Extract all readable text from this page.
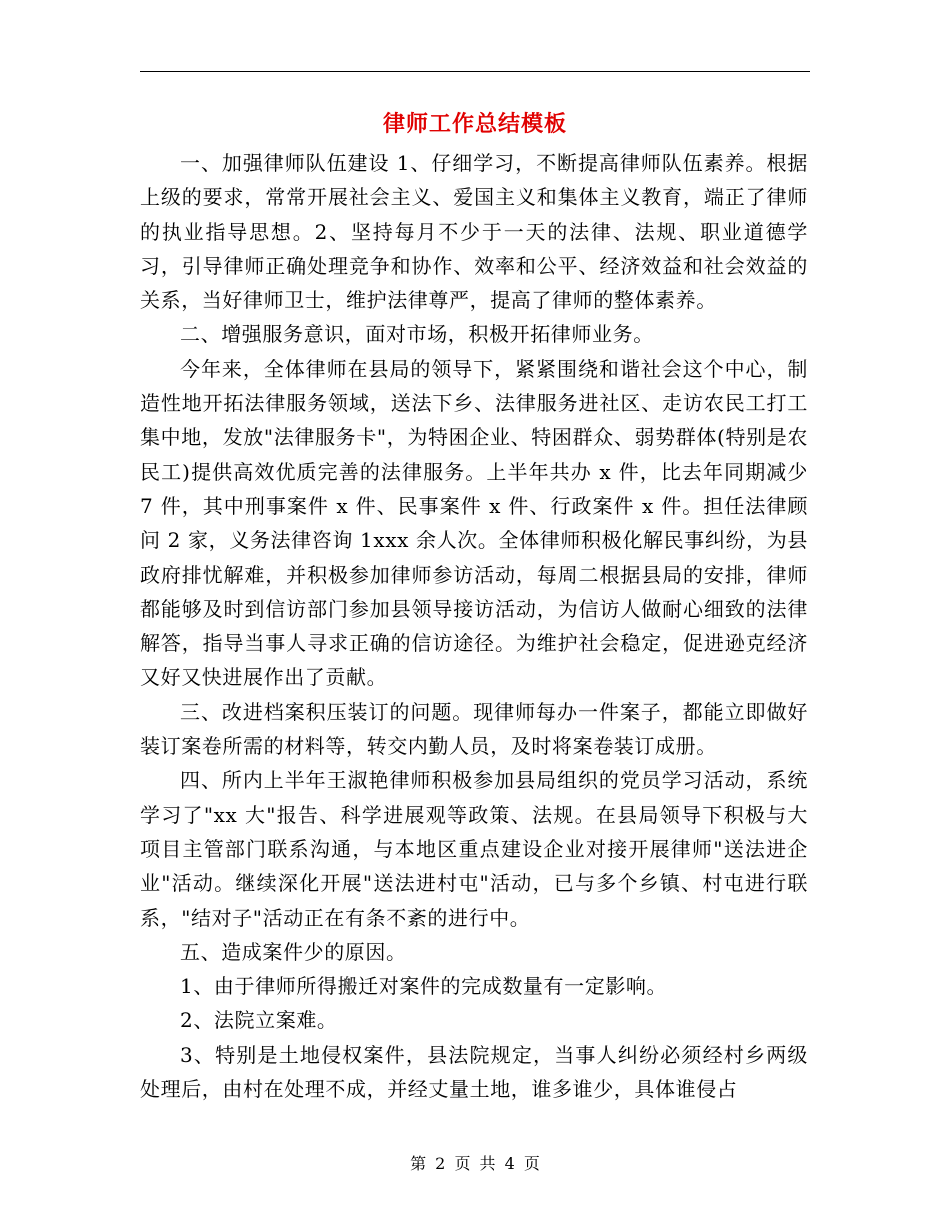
律师工作总结模板

一、加强律师队伍建设 1、仔细学习，不断提高律师队伍素养。根据上级的要求，常常开展社会主义、爱国主义和集体主义教育，端正了律师的执业指导思想。2、坚持每月不少于一天的法律、法规、职业道德学习，引导律师正确处理竞争和协作、效率和公平、经济效益和社会效益的关系，当好律师卫士，维护法律尊严，提高了律师的整体素养。

二、增强服务意识，面对市场，积极开拓律师业务。

今年来，全体律师在县局的领导下，紧紧围绕和谐社会这个中心，制造性地开拓法律服务领域，送法下乡、法律服务进社区、走访农民工打工集中地，发放"法律服务卡"，为特困企业、特困群众、弱势群体(特别是农民工)提供高效优质完善的法律服务。上半年共办 x 件，比去年同期减少 7 件，其中刑事案件 x 件、民事案件 x 件、行政案件 x 件。担任法律顾问 2 家，义务法律咨询 1xxx 余人次。全体律师积极化解民事纠纷，为县政府排忧解难，并积极参加律师参访活动，每周二根据县局的安排，律师都能够及时到信访部门参加县领导接访活动，为信访人做耐心细致的法律解答，指导当事人寻求正确的信访途径。为维护社会稳定，促进逊克经济又好又快进展作出了贡献。

三、改进档案积压装订的问题。现律师每办一件案子，都能立即做好装订案卷所需的材料等，转交内勤人员，及时将案卷装订成册。

四、所内上半年王淑艳律师积极参加县局组织的党员学习活动，系统学习了"xx 大"报告、科学进展观等政策、法规。在县局领导下积极与大项目主管部门联系沟通，与本地区重点建设企业对接开展律师"送法进企业"活动。继续深化开展"送法进村屯"活动，已与多个乡镇、村屯进行联系，"结对子"活动正在有条不紊的进行中。

五、造成案件少的原因。

1、由于律师所得搬迁对案件的完成数量有一定影响。

2、法院立案难。

3、特别是土地侵权案件，县法院规定，当事人纠纷必须经村乡两级处理后，由村在处理不成，并经丈量土地，谁多谁少，具体谁侵占

第 2 页 共 4 页
